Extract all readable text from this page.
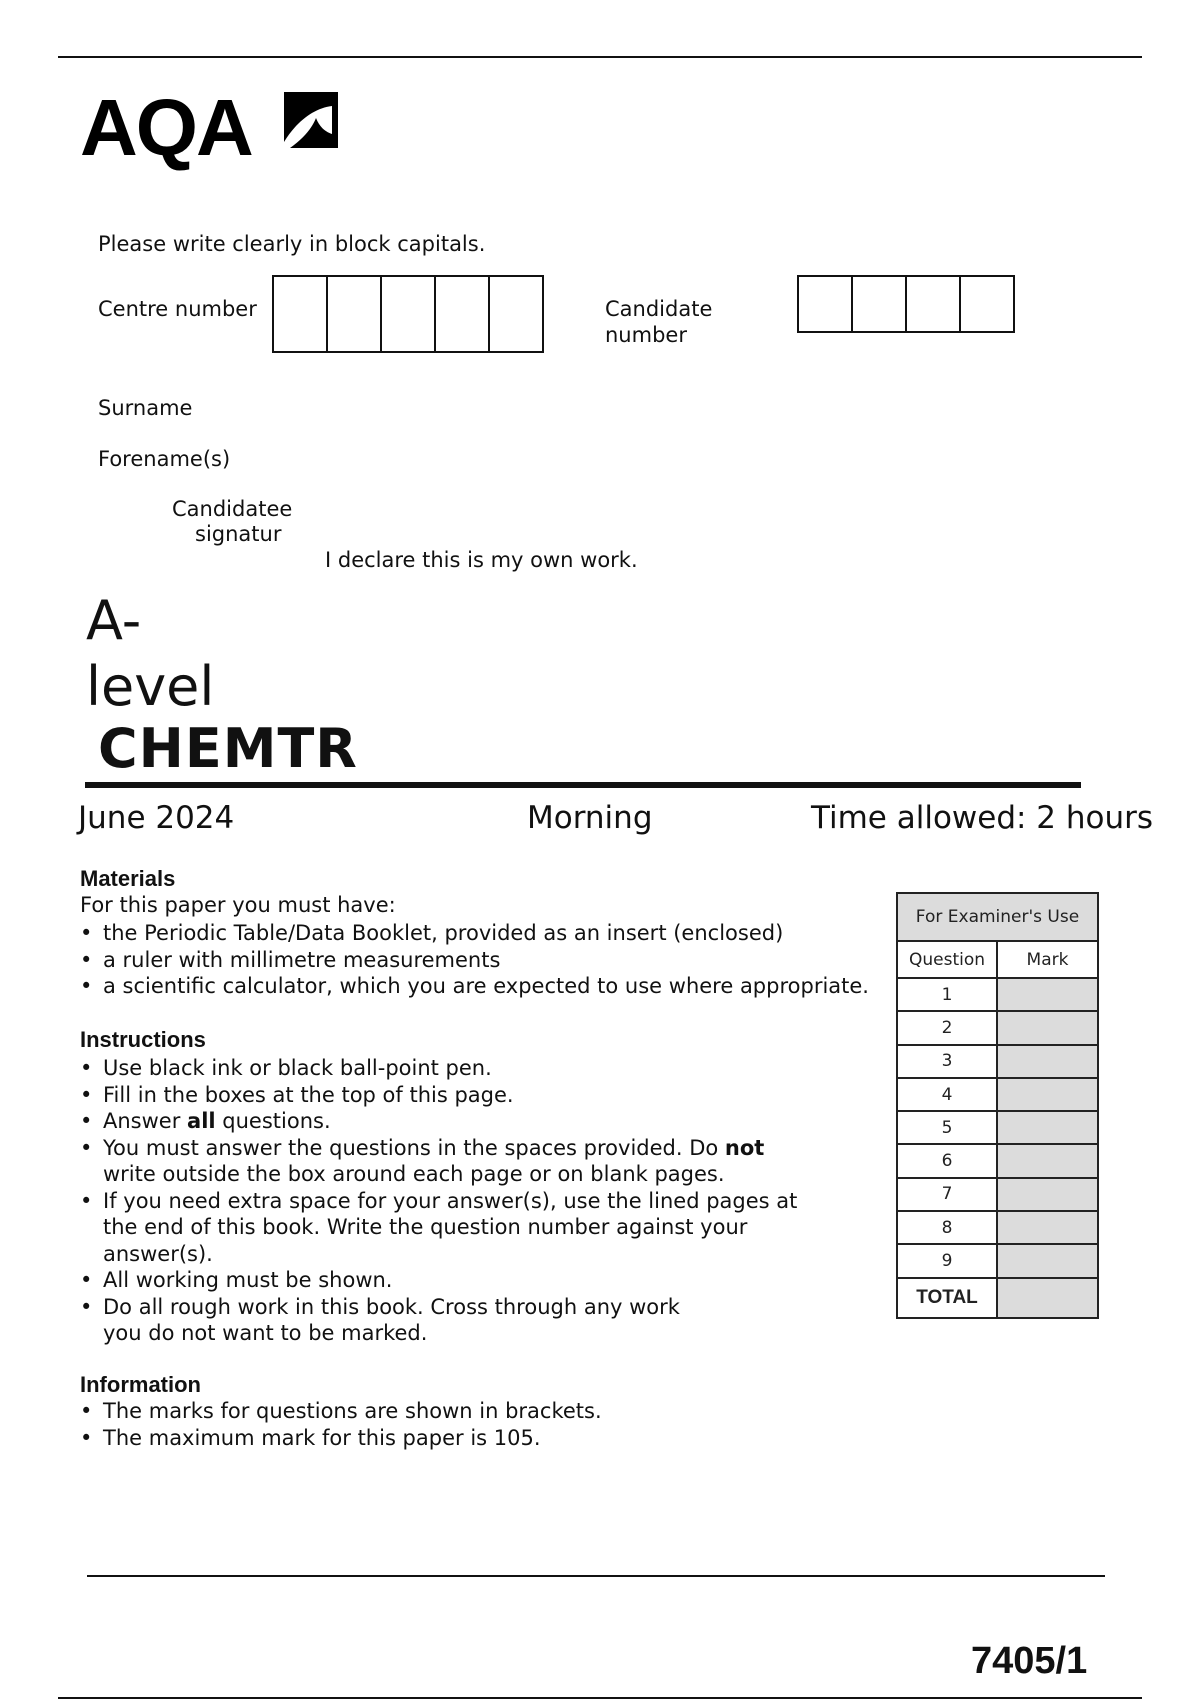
AQA
Please write clearly in block capitals.
Centre number	Candidate
number
Surname
Forename(s)
Candidatee
signatur
I declare this is my own work.
A-
level
CHEMTR
June 2024	Morning	Time allowed: 2 hours
Materials
For this paper you must have:
• the Periodic Table/Data Booklet, provided as an insert (enclosed)
• a ruler with millimetre measurements
• a scientific calculator, which you are expected to use where appropriate.
Instructions
• Use black ink or black ball-point pen.
• Fill in the boxes at the top of this page.
• Answer all questions.
• You must answer the questions in the spaces provided. Do not
write outside the box around each page or on blank pages.
• If you need extra space for your answer(s), use the lined pages at
the end of this book. Write the question number against your
answer(s).
• All working must be shown.
• Do all rough work in this book. Cross through any work
you do not want to be marked.
Information
• The marks for questions are shown in brackets.
• The maximum mark for this paper is 105.
For Examiner's Use
Question	Mark
1
2
3
4
5
6
7
8
9
TOTAL
7405/1
